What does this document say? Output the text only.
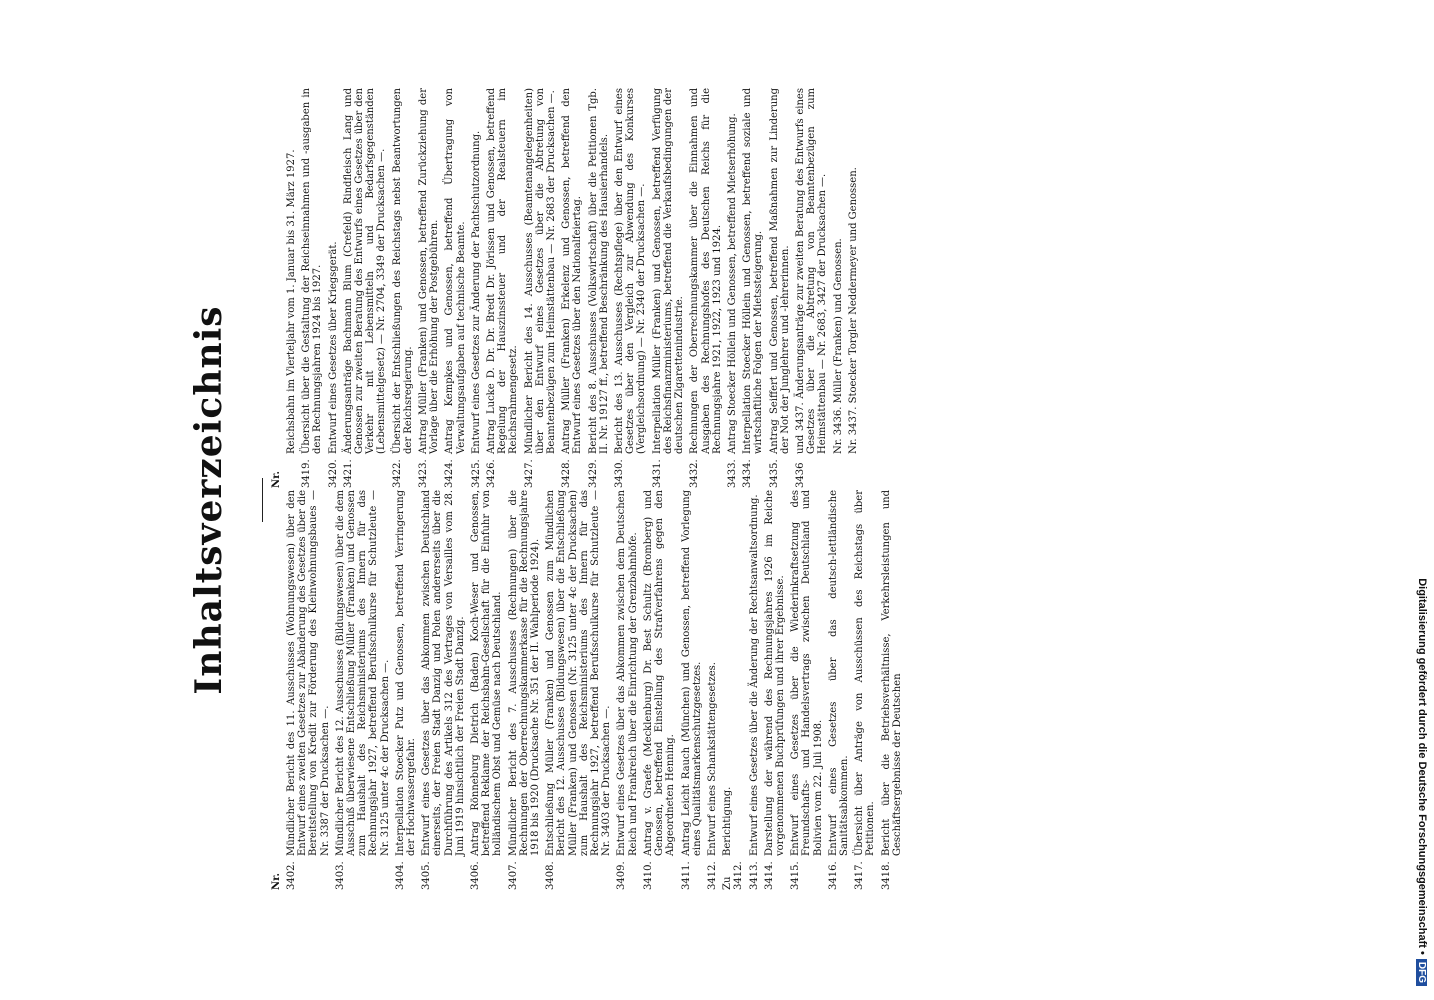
Inhaltsverzeichnis
Nr. 3402.
Mündlicher Bericht des 11. Ausschusses (Wohnungswesen) über den Entwurf eines zweiten Gesetzes zur Abänderung des Gesetzes über die Bereitstellung von Kredit zur Förderung des Kleinwohnungsbaues — Nr. 3387 der Drucksachen —.
3403.
Mündlicher Bericht des 12. Ausschusses (Bildungswesen) über die dem Ausschuß überwiesene Entschließung Müller (Franken) und Genossen zum Haushalt des Reichsministeriums des Innern für das Rechnungsjahr 1927, betreffend Berufsschulkurse für Schutzleute — Nr. 3125 unter 4c der Drucksachen —.
3404.
Interpellation Stoecker Putz und Genossen, betreffend Verringerung der Hochwassergefahr.
3405.
Entwurf eines Gesetzes über das Abkommen zwischen Deutschland einerseits, der Freien Stadt Danzig und Polen andererseits über die Durchführung des Artikels 312 des Vertrages von Versailles vom 28. Juni 1919 hinsichtlich der Freien Stadt Danzig.
3406.
Antrag Rönneburg Dietrich (Baden) Koch-Weser und Genossen, betreffend Reklame der Reichsbahn-Gesellschaft für die Einfuhr von holländischem Obst und Gemüse nach Deutschland.
3407.
Mündlicher Bericht des 7. Ausschusses (Rechnungen) über die Rechnungen der Oberrechnungskammerkasse für die Rechnungsjahre 1918 bis 1920 (Drucksache Nr. 351 der II. Wahlperiode 1924).
3408.
Entschließung Müller (Franken) und Genossen zum Mündlichen Bericht des 12. Ausschusses (Bildungswesen) über die Entschließung Müller (Franken) und Genossen (Nr. 3125 unter 4c der Drucksachen) zum Haushalt des Reichsministeriums des Innern für das Rechnungsjahr 1927, betreffend Berufsschulkurse für Schutzleute — Nr. 3403 der Drucksachen —.
3409.
Entwurf eines Gesetzes über das Abkommen zwischen dem Deutschen Reich und Frankreich über die Einrichtung der Grenzbahnhöfe.
3410.
Antrag v. Graefe (Mecklenburg) Dr. Best Schultz (Bromberg) und Genossen, betreffend Einstellung des Strafverfahrens gegen den Abgeordneten Henning.
3411.
Antrag Leicht Rauch (München) und Genossen, betreffend Vorlegung eines Qualitätsmarkenschutzgesetzes.
3412.
Entwurf eines Schankstättengesetzes.
Zu 3412.
Berichtigung.
3413.
Entwurf eines Gesetzes über die Änderung der Rechtsanwaltsordnung.
3414.
Darstellung der während des Rechnungsjahres 1926 im Reiche vorgenommenen Buchprüfungen und ihrer Ergebnisse.
3415.
Entwurf eines Gesetzes über die Wiederinkraftsetzung des Freundschafts- und Handelsvertrags zwischen Deutschland und Bolivien vom 22. Juli 1908.
3416.
Entwurf eines Gesetzes über das deutsch-lettländische Sanitätsabkommen.
3417.
Übersicht über Anträge von Ausschüssen des Reichstags über Petitionen.
3418.
Bericht über die Betriebsverhältnisse, Verkehrsleistungen und Geschäftsergebnisse der Deutschen
Nr.
Reichsbahn im Vierteljahr vom 1. Januar bis 31. März 1927.
3419.
Übersicht über die Gestaltung der Reichseinnahmen und -ausgaben in den Rechnungsjahren 1924 bis 1927.
3420.
Entwurf eines Gesetzes über Kriegsgerät.
3421.
Änderungsanträge Bachmann Blum (Crefeld) Rindfleisch Lang und Genossen zur zweiten Beratung des Entwurfs eines Gesetzes über den Verkehr mit Lebensmitteln und Bedarfsgegenständen (Lebensmittelgesetz) — Nr. 2704, 3349 der Drucksachen —.
3422.
Übersicht der Entschließungen des Reichstags nebst Beantwortungen der Reichsregierung.
3423.
Antrag Müller (Franken) und Genossen, betreffend Zurückziehung der Vorlage über die Erhöhung der Postgebühren.
3424.
Antrag Kempkes und Genossen, betreffend Übertragung von Verwaltungsaufgaben auf technische Beamte.
3425.
Entwurf eines Gesetzes zur Änderung der Pachtschutzordnung.
3426.
Antrag Lucke D. Dr. Dr. Bredt Dr. Jörissen und Genossen, betreffend Regelung der Hauszinssteuer und der Realsteuern im Reichsrahmengesetz.
3427.
Mündlicher Bericht des 14. Ausschusses (Beamtenangelegenheiten) über den Entwurf eines Gesetzes über die Abtretung von Beamtenbezügen zum Heimstättenbau — Nr. 2683 der Drucksachen —.
3428.
Antrag Müller (Franken) Erkelenz und Genossen, betreffend den Entwurf eines Gesetzes über den Nationalfeiertag.
3429.
Bericht des 8. Ausschusses (Volkswirtschaft) über die Petitionen Tgb. II. Nr. 19127 ff., betreffend Beschränkung des Hausierhandels.
3430.
Bericht des 13. Ausschusses (Rechtspflege) über den Entwurf eines Gesetzes über den Vergleich zur Abwendung des Konkurses (Vergleichsordnung) — Nr. 2340 der Drucksachen —.
3431.
Interpellation Müller (Franken) und Genossen, betreffend Verfügung des Reichsfinanzministeriums, betreffend die Verkaufsbedingungen der deutschen Zigarettenindustrie.
3432.
Rechnungen der Oberrechnungskammer über die Einnahmen und Ausgaben des Rechnungshofes des Deutschen Reichs für die Rechnungsjahre 1921, 1922, 1923 und 1924.
3433.
Antrag Stoecker Höllein und Genossen, betreffend Mietserhöhung.
3434.
Interpellation Stoecker Höllein und Genossen, betreffend soziale und wirtschaftliche Folgen der Mietssteigerung.
3435.
Antrag Seiffert und Genossen, betreffend Maßnahmen zur Linderung der Not der Junglehrer und -lehrerinnen.
3436
und 3437. Änderungsanträge zur zweiten Beratung des Entwurfs eines Gesetzes über die Abtretung von Beamtenbezügen zum Heimstättenbau — Nr. 2683, 3427 der Drucksachen —. Nr. 3436. Müller (Franken) und Genossen. Nr. 3437. Stoecker Torgler Neddermeyer und Genossen.
Digitalisierung gefördert durch die Deutsche Forschungsgemeinschaft •
DFG
